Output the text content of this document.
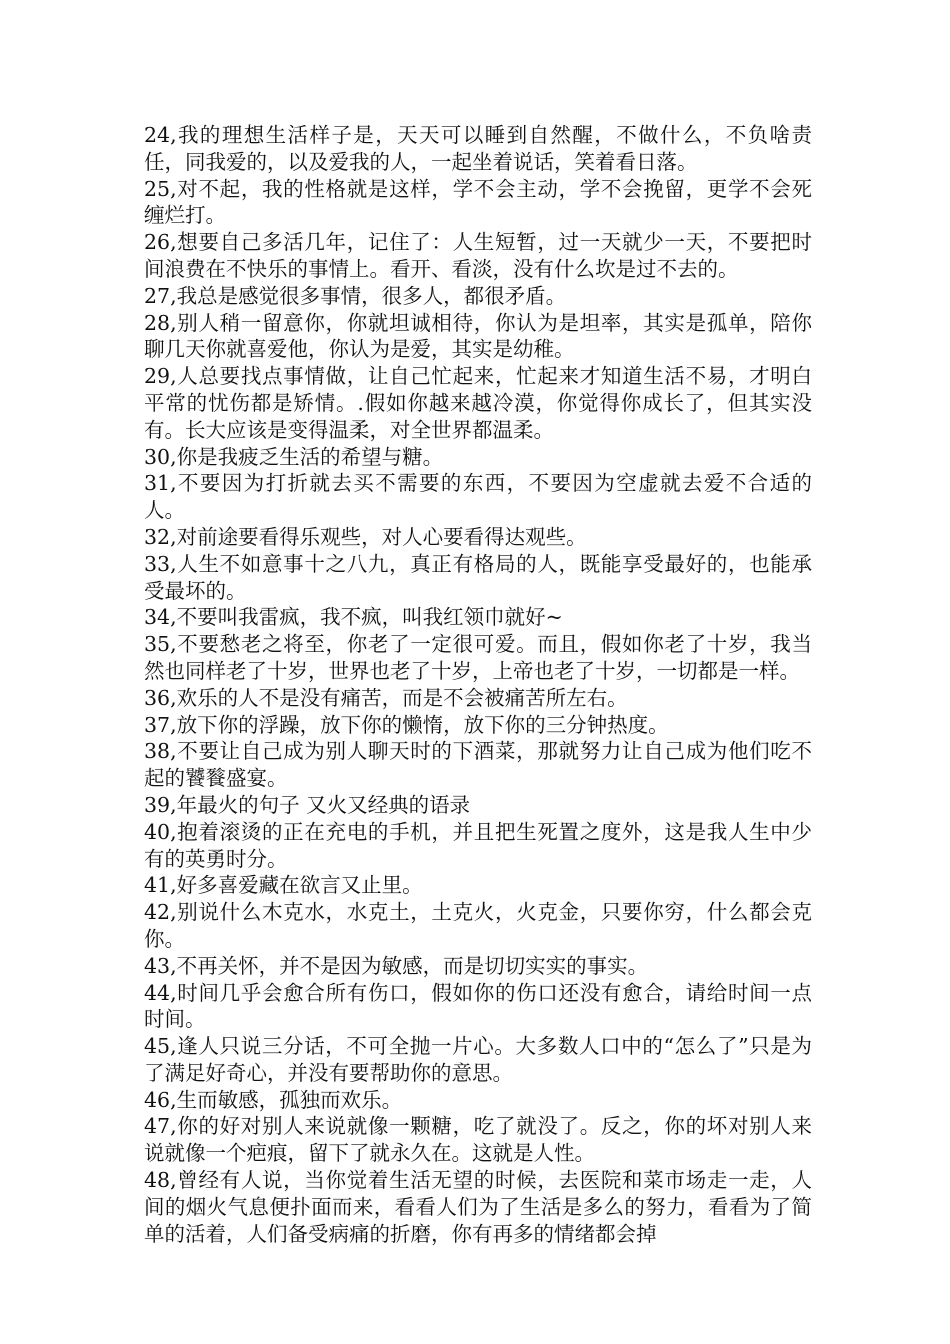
24,我的理想生活样子是，天天可以睡到自然醒，不做什么，不负啥责任，同我爱的，以及爱我的人，一起坐着说话，笑着看日落。

25,对不起，我的性格就是这样，学不会主动，学不会挽留，更学不会死缠烂打。

26,想要自己多活几年，记住了：人生短暂，过一天就少一天，不要把时间浪费在不快乐的事情上。看开、看淡，没有什么坎是过不去的。

27,我总是感觉很多事情，很多人，都很矛盾。

28,别人稍一留意你，你就坦诚相待，你认为是坦率，其实是孤单，陪你聊几天你就喜爱他，你认为是爱，其实是幼稚。

29,人总要找点事情做，让自己忙起来，忙起来才知道生活不易，才明白平常的忧伤都是矫情。.假如你越来越冷漠，你觉得你成长了，但其实没有。长大应该是变得温柔，对全世界都温柔。

30,你是我疲乏生活的希望与糖。

31,不要因为打折就去买不需要的东西，不要因为空虚就去爱不合适的人。

32,对前途要看得乐观些，对人心要看得达观些。

33,人生不如意事十之八九，真正有格局的人，既能享受最好的，也能承受最坏的。

34,不要叫我雷疯，我不疯，叫我红领巾就好~

35,不要愁老之将至，你老了一定很可爱。而且，假如你老了十岁，我当然也同样老了十岁，世界也老了十岁，上帝也老了十岁，一切都是一样。

36,欢乐的人不是没有痛苦，而是不会被痛苦所左右。

37,放下你的浮躁，放下你的懒惰，放下你的三分钟热度。

38,不要让自己成为别人聊天时的下酒菜，那就努力让自己成为他们吃不起的饕餮盛宴。

39,年最火的句子 又火又经典的语录

40,抱着滚烫的正在充电的手机，并且把生死置之度外，这是我人生中少有的英勇时分。

41,好多喜爱藏在欲言又止里。

42,别说什么木克水，水克土，土克火，火克金，只要你穷，什么都会克你。

43,不再关怀，并不是因为敏感，而是切切实实的事实。

44,时间几乎会愈合所有伤口，假如你的伤口还没有愈合，请给时间一点时间。

45,逢人只说三分话，不可全抛一片心。大多数人口中的“怎么了”只是为了满足好奇心，并没有要帮助你的意思。

46,生而敏感，孤独而欢乐。

47,你的好对别人来说就像一颗糖，吃了就没了。反之，你的坏对别人来说就像一个疤痕，留下了就永久在。这就是人性。

48,曾经有人说，当你觉着生活无望的时候，去医院和菜市场走一走，人间的烟火气息便扑面而来，看看人们为了生活是多么的努力，看看为了简单的活着，人们备受病痛的折磨，你有再多的情绪都会掉
